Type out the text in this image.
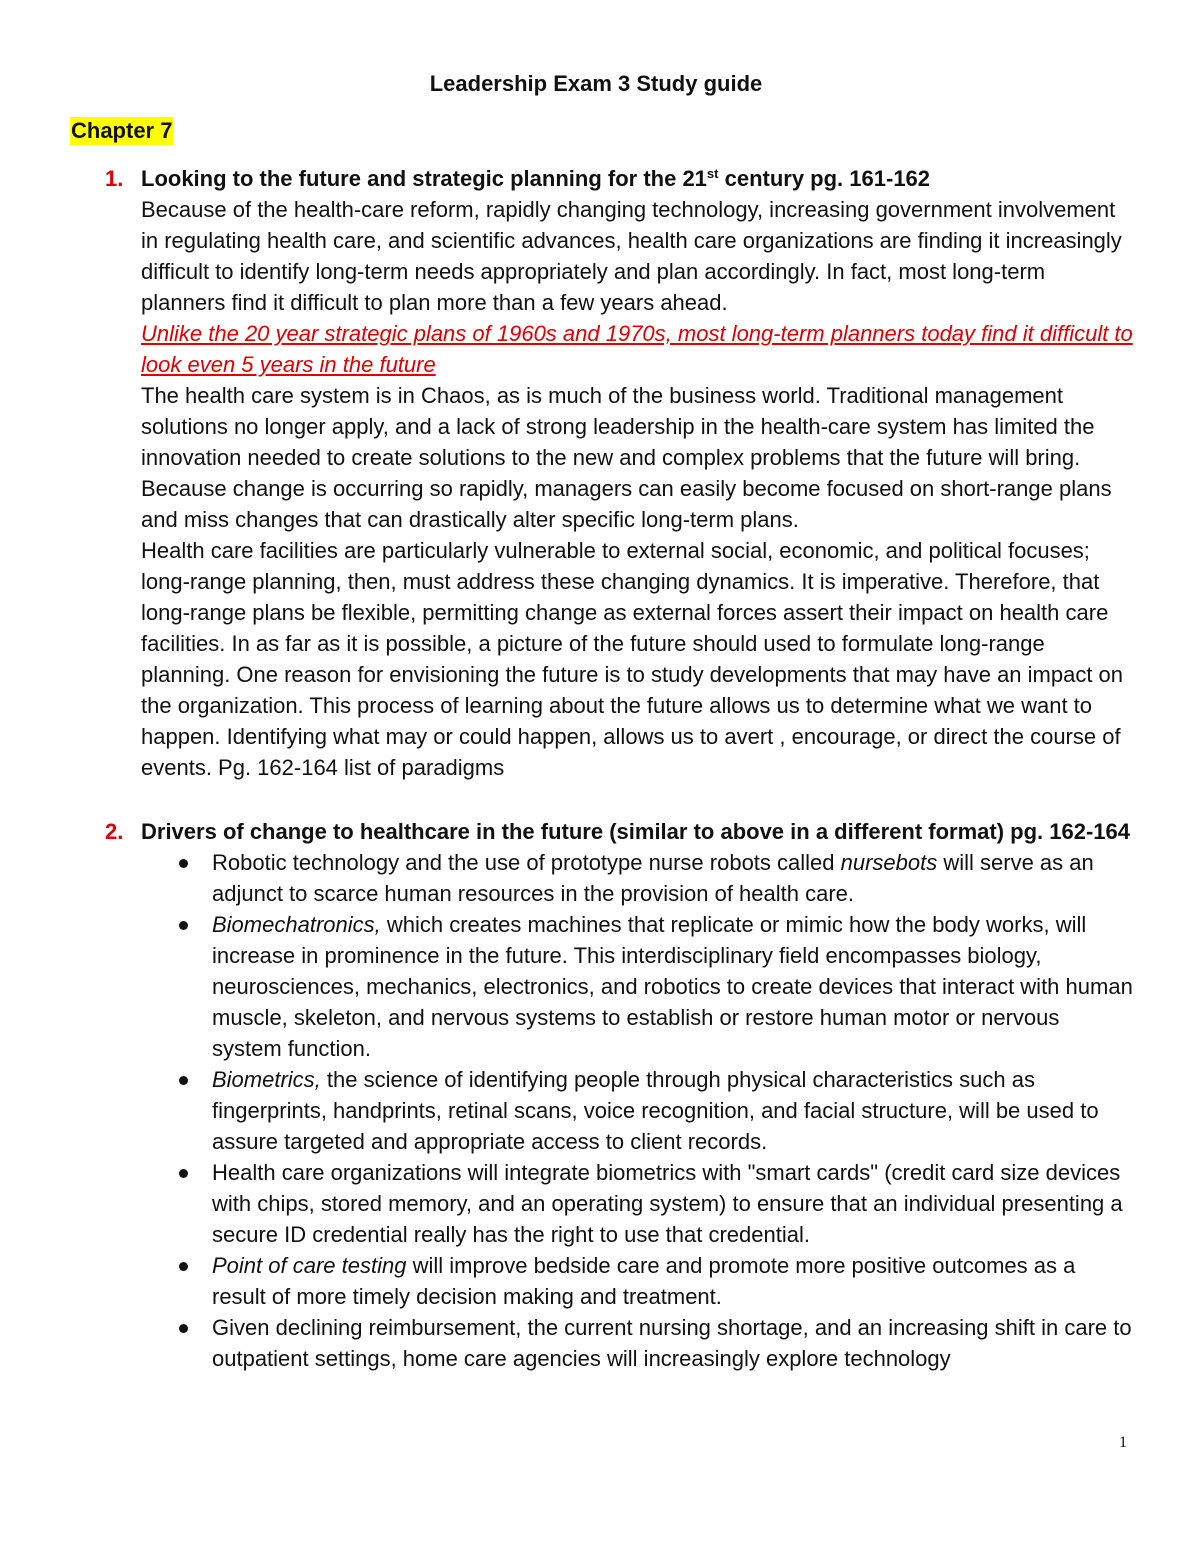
Leadership Exam 3 Study guide
Chapter 7
1. Looking to the future and strategic planning for the 21st century pg. 161-162
Because of the health-care reform, rapidly changing technology, increasing government involvement in regulating health care, and scientific advances, health care organizations are finding it increasingly difficult to identify long-term needs appropriately and plan accordingly. In fact, most long-term planners find it difficult to plan more than a few years ahead.
Unlike the 20 year strategic plans of 1960s and 1970s, most long-term planners today find it difficult to look even 5 years in the future
The health care system is in Chaos, as is much of the business world. Traditional management solutions no longer apply, and a lack of strong leadership in the health-care system has limited the innovation needed to create solutions to the new and complex problems that the future will bring. Because change is occurring so rapidly, managers can easily become focused on short-range plans and miss changes that can drastically alter specific long-term plans.
Health care facilities are particularly vulnerable to external social, economic, and political focuses; long-range planning, then, must address these changing dynamics. It is imperative. Therefore, that long-range plans be flexible, permitting change as external forces assert their impact on health care facilities. In as far as it is possible, a picture of the future should used to formulate long-range planning. One reason for envisioning the future is to study developments that may have an impact on the organization. This process of learning about the future allows us to determine what we want to happen. Identifying what may or could happen, allows us to avert , encourage, or direct the course of events. Pg. 162-164 list of paradigms
2. Drivers of change to healthcare in the future (similar to above in a different format) pg. 162-164
Robotic technology and the use of prototype nurse robots called nursebots will serve as an adjunct to scarce human resources in the provision of health care.
Biomechatronics, which creates machines that replicate or mimic how the body works, will increase in prominence in the future. This interdisciplinary field encompasses biology, neurosciences, mechanics, electronics, and robotics to create devices that interact with human muscle, skeleton, and nervous systems to establish or restore human motor or nervous system function.
Biometrics, the science of identifying people through physical characteristics such as fingerprints, handprints, retinal scans, voice recognition, and facial structure, will be used to assure targeted and appropriate access to client records.
Health care organizations will integrate biometrics with "smart cards" (credit card size devices with chips, stored memory, and an operating system) to ensure that an individual presenting a secure ID credential really has the right to use that credential.
Point of care testing will improve bedside care and promote more positive outcomes as a result of more timely decision making and treatment.
Given declining reimbursement, the current nursing shortage, and an increasing shift in care to outpatient settings, home care agencies will increasingly explore technology
1
